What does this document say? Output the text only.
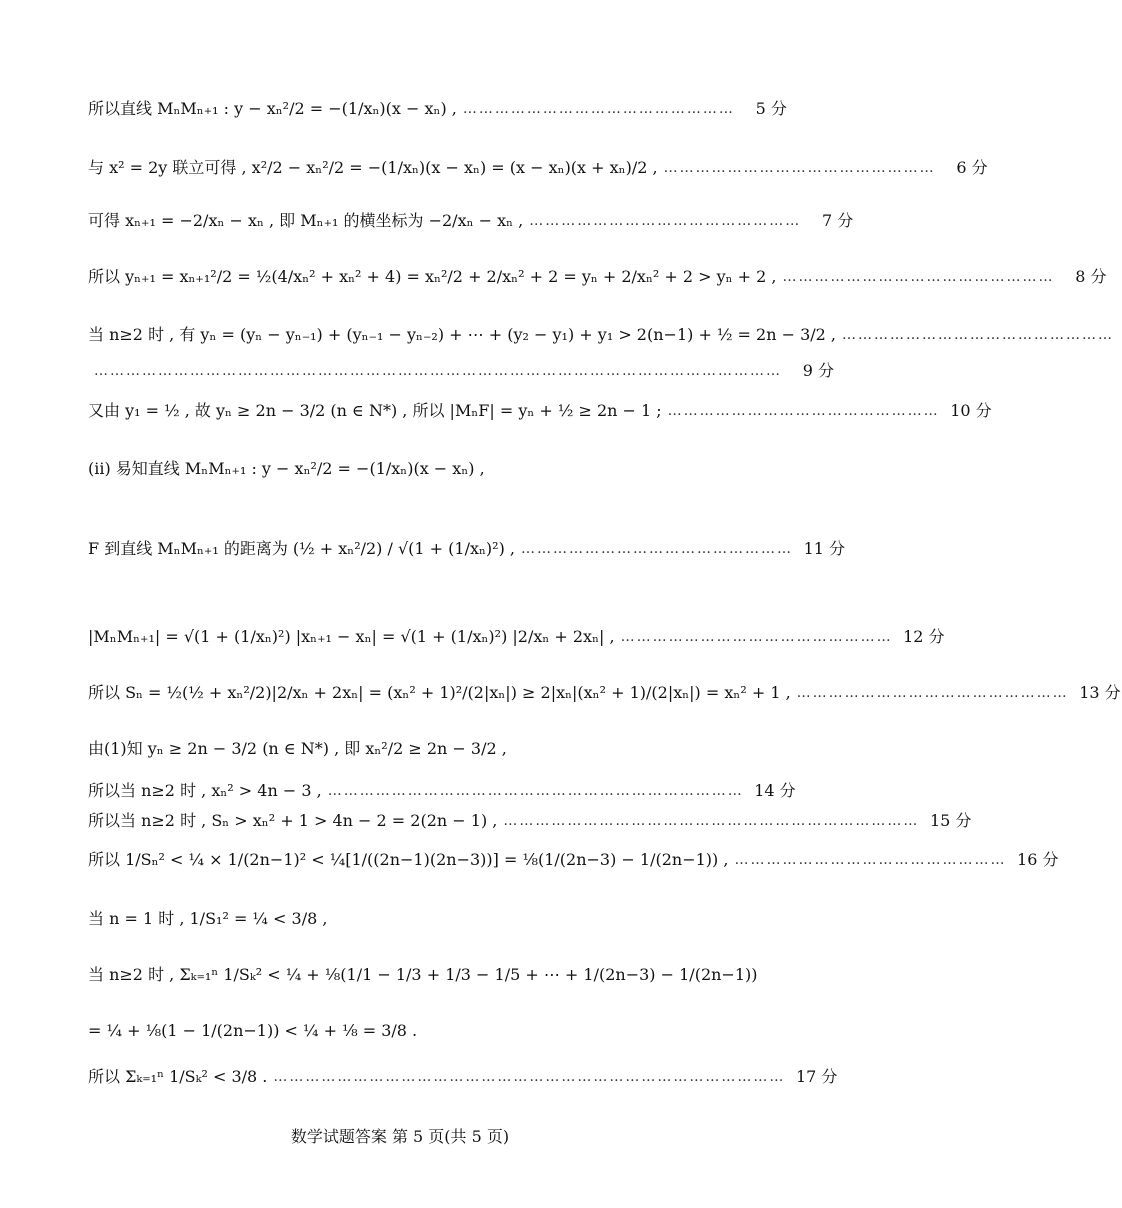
所以直线 MₙMₙ₊₁ : y − xₙ²/2 = −(1/xₙ)(x − xₙ) , ……………………………………………	5 分
与 x² = 2y 联立可得 , x²/2 − xₙ²/2 = −(1/xₙ)(x − xₙ) = (x − xₙ)(x + xₙ)/2 , ……………………………………………	6 分
可得 xₙ₊₁ = −2/xₙ − xₙ , 即 Mₙ₊₁ 的横坐标为 −2/xₙ − xₙ , ……………………………………………	7 分
所以 yₙ₊₁ = xₙ₊₁²/2 = ½(4/xₙ² + xₙ² + 4) = xₙ²/2 + 2/xₙ² + 2 = yₙ + 2/xₙ² + 2 > yₙ + 2 , ……………………………………………	8 分
当 n≥2 时 , 有 yₙ = (yₙ − yₙ₋₁) + (yₙ₋₁ − yₙ₋₂) + ⋯ + (y₂ − y₁) + y₁ > 2(n−1) + ½ = 2n − 3/2 , ……………………………………………
…………………………………………………………………………………………………………………	9 分
又由 y₁ = ½ , 故 yₙ ≥ 2n − 3/2 (n ∈ N*) , 所以 |MₙF| = yₙ + ½ ≥ 2n − 1 ; …………………………………………… 10 分
(ii) 易知直线 MₙMₙ₊₁ : y − xₙ²/2 = −(1/xₙ)(x − xₙ) ,
F 到直线 MₙMₙ₊₁ 的距离为 (½ + xₙ²/2) / √(1 + (1/xₙ)²) , …………………………………………… 11 分
|MₙMₙ₊₁| = √(1 + (1/xₙ)²) |xₙ₊₁ − xₙ| = √(1 + (1/xₙ)²) |2/xₙ + 2xₙ| , …………………………………………… 12 分
所以 Sₙ = ½(½ + xₙ²/2)|2/xₙ + 2xₙ| = (xₙ² + 1)²/(2|xₙ|) ≥ 2|xₙ|(xₙ² + 1)/(2|xₙ|) = xₙ² + 1 , …………………………………………… 13 分
由(1)知 yₙ ≥ 2n − 3/2 (n ∈ N*) , 即 xₙ²/2 ≥ 2n − 3/2 ,
所以当 n≥2 时 , xₙ² > 4n − 3 , …………………………………………………………………… 14 分
所以当 n≥2 时 , Sₙ > xₙ² + 1 > 4n − 2 = 2(2n − 1) , …………………………………………………………………… 15 分
所以 1/Sₙ² < ¼ × 1/(2n−1)² < ¼[1/((2n−1)(2n−3))] = ⅛(1/(2n−3) − 1/(2n−1)) , …………………………………………… 16 分
当 n = 1 时 , 1/S₁² = ¼ < 3/8 ,
当 n≥2 时 , Σₖ₌₁ⁿ 1/Sₖ² < ¼ + ⅛(1/1 − 1/3 + 1/3 − 1/5 + ⋯ + 1/(2n−3) − 1/(2n−1))
= ¼ + ⅛(1 − 1/(2n−1)) < ¼ + ⅛ = 3/8 .
所以 Σₖ₌₁ⁿ 1/Sₖ² < 3/8 . …………………………………………………………………………………… 17 分
数学试题答案 第 5 页(共 5 页)
